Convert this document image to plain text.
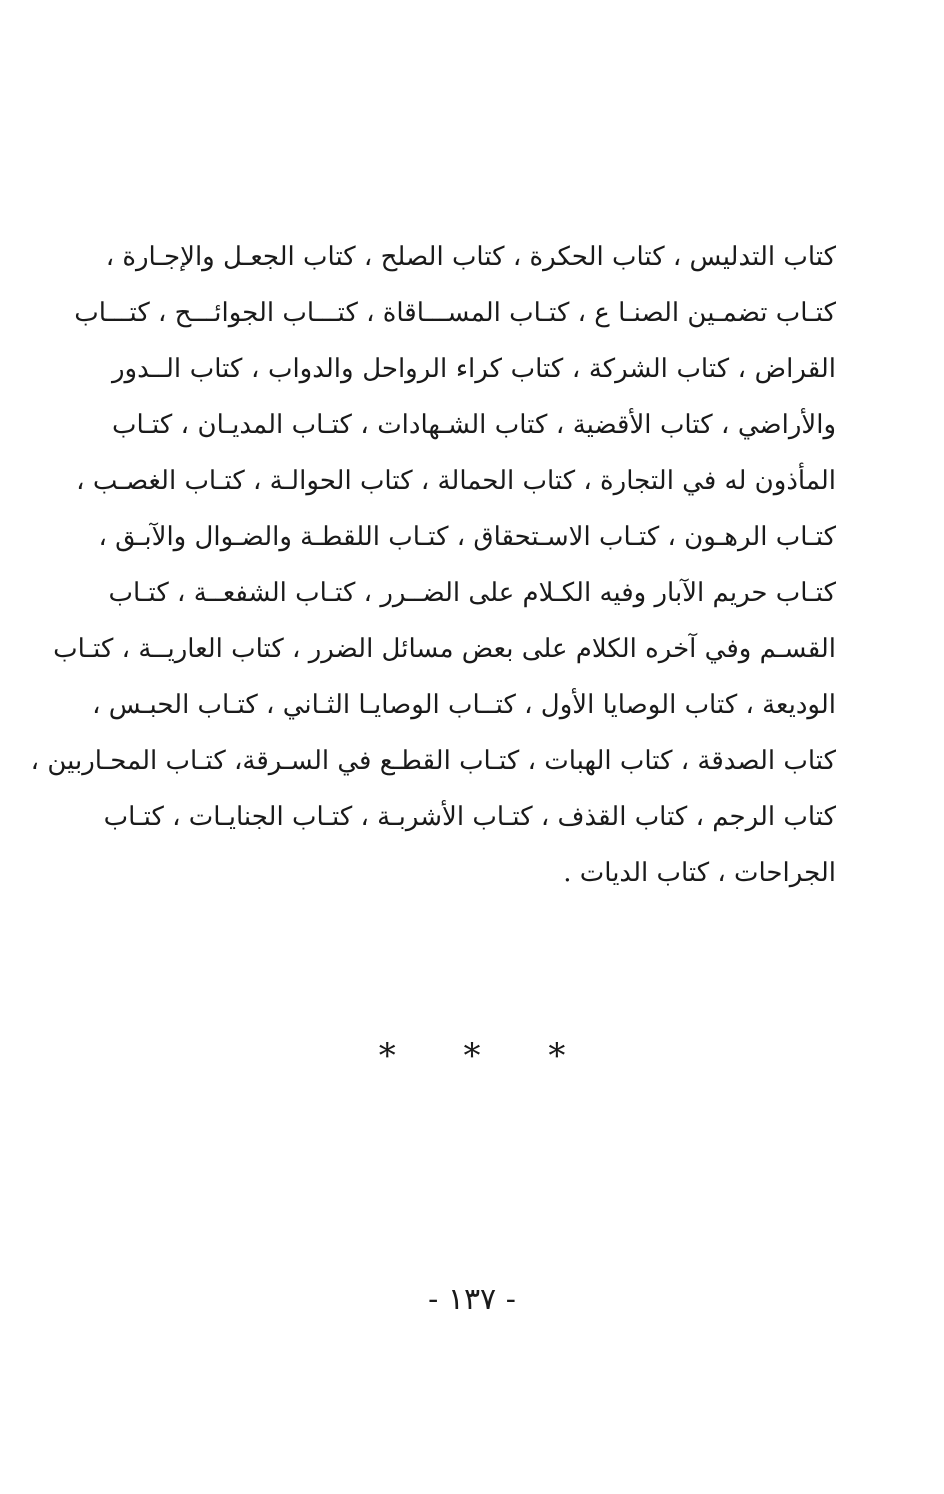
كتاب التدليس ، كتاب الحكرة ، كتاب الصلح ، كتاب الجعـل والإجـارة ،
كتـاب تضمـين الصنـا ع ، كتـاب المســـاقاة ، كتـــاب الجوائـــح ، كتـــاب
القراض ، كتاب الشركة ، كتاب كراء الرواحل والدواب ، كتاب الــدور
والأراضي ، كتاب الأقضية ، كتاب الشـهادات ، كتـاب المديـان ، كتـاب
المأذون له في التجارة ، كتاب الحمالة ، كتاب الحوالـة ، كتـاب الغصـب ،
كتـاب الرهـون ، كتـاب الاسـتحقاق ، كتـاب اللقطـة والضـوال والآبـق ،
كتـاب حريم الآبار وفيه الكـلام على الضــرر ، كتـاب الشفعــة ، كتـاب
القسـم وفي آخره الكلام على بعض مسائل الضرر ، كتاب العاريــة ، كتـاب
الوديعة ، كتاب الوصايا الأول ، كتــاب الوصايـا الثـاني ، كتـاب الحبـس ،
كتاب الصدقة ، كتاب الهبات ، كتـاب القطـع في السـرقة، كتـاب المحـاربين ،
كتاب الرجم ، كتاب القذف ، كتـاب الأشربـة ، كتـاب الجنايـات ، كتـاب
الجراحات ، كتاب الديات .
* * *
- ١٣٧ -
